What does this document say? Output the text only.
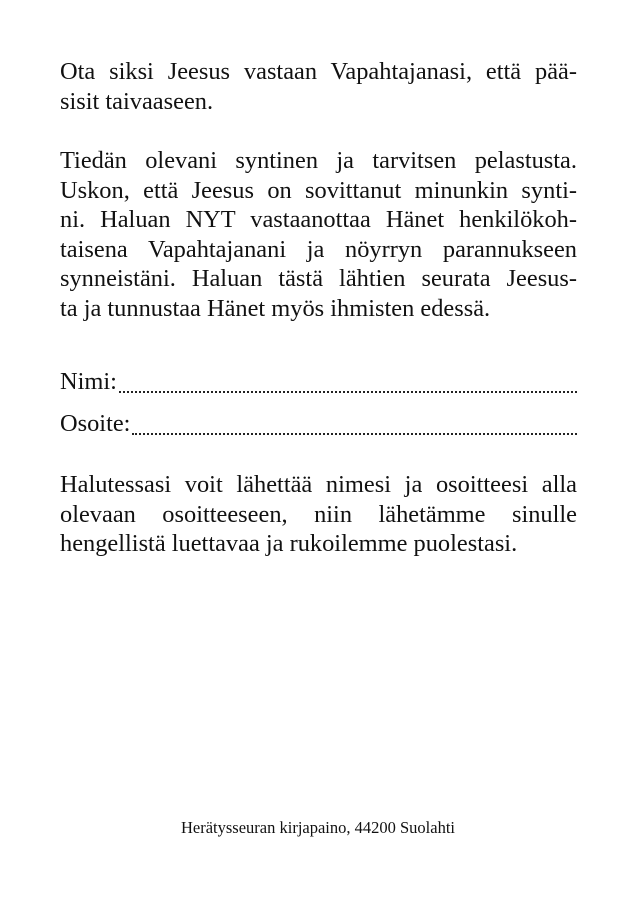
Ota siksi Jeesus vastaan Vapahtajanasi, että pää-
sisit taivaaseen.

Tiedän olevani syntinen ja tarvitsen pelastusta.
Uskon, että Jeesus on sovittanut minunkin synti-
ni. Haluan NYT vastaanottaa Hänet henkilökoh-
taisena Vapahtajanani ja nöyrryn parannukseen
synneistäni. Haluan tästä lähtien seurata Jeesus-
ta ja tunnustaa Hänet myös ihmisten edessä.

Nimi:
Osoite:

Halutessasi voit lähettää nimesi ja osoitteesi alla
olevaan osoitteeseen, niin lähetämme sinulle
hengellistä luettavaa ja rukoilemme puolestasi.

Herätysseuran kirjapaino, 44200 Suolahti
